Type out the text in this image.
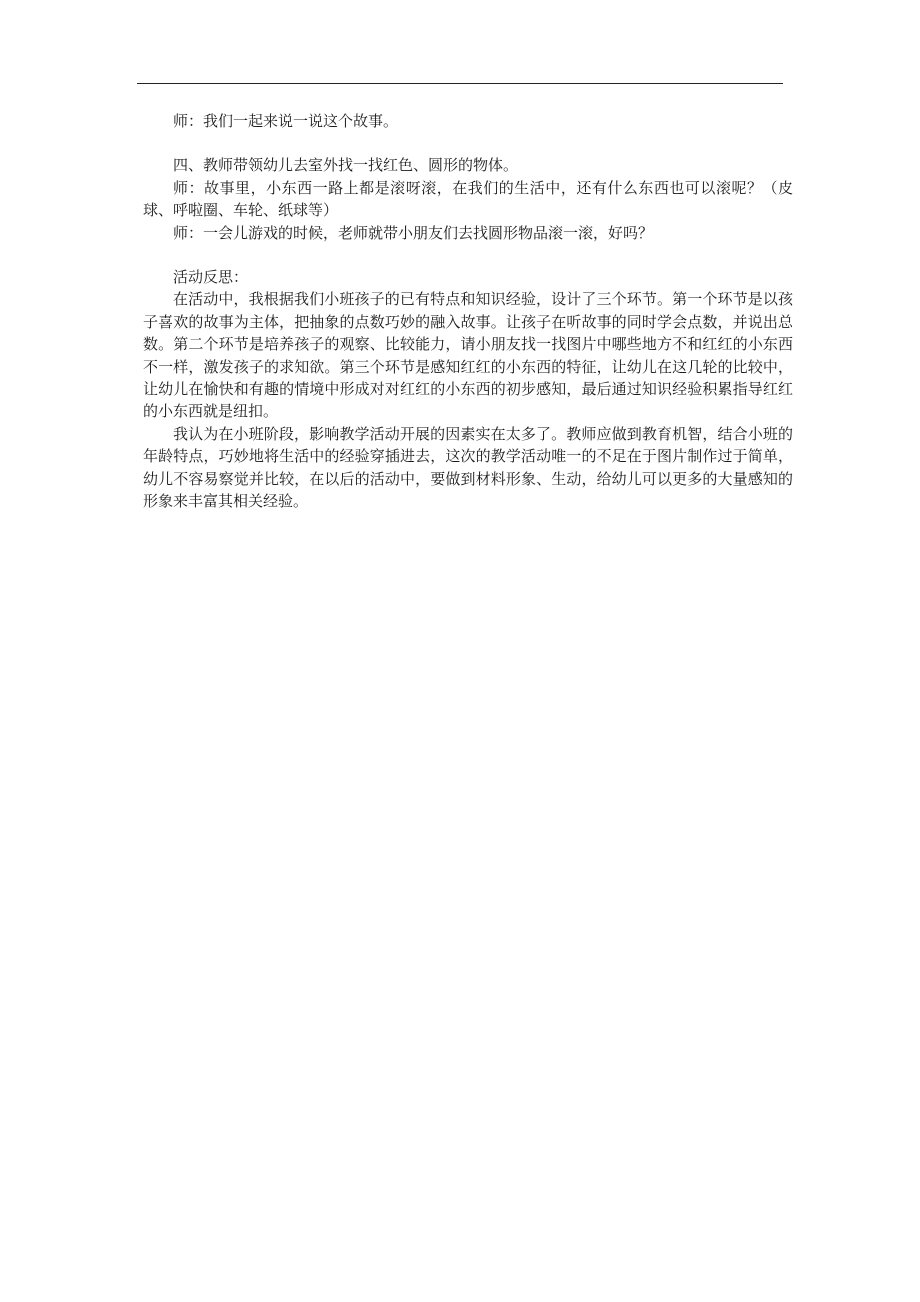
师：我们一起来说一说这个故事。

四、教师带领幼儿去室外找一找红色、圆形的物体。

师：故事里，小东西一路上都是滚呀滚，在我们的生活中，还有什么东西也可以滚呢？（皮球、呼啦圈、车轮、纸球等）

师：一会儿游戏的时候，老师就带小朋友们去找圆形物品滚一滚，好吗？

活动反思：

在活动中，我根据我们小班孩子的已有特点和知识经验，设计了三个环节。第一个环节是以孩子喜欢的故事为主体，把抽象的点数巧妙的融入故事。让孩子在听故事的同时学会点数，并说出总数。第二个环节是培养孩子的观察、比较能力，请小朋友找一找图片中哪些地方不和红红的小东西不一样，激发孩子的求知欲。第三个环节是感知红红的小东西的特征，让幼儿在这几轮的比较中，让幼儿在愉快和有趣的情境中形成对对红红的小东西的初步感知，最后通过知识经验积累指导红红的小东西就是纽扣。

我认为在小班阶段，影响教学活动开展的因素实在太多了。教师应做到教育机智，结合小班的年龄特点，巧妙地将生活中的经验穿插进去，这次的教学活动唯一的不足在于图片制作过于简单，幼儿不容易察觉并比较，在以后的活动中，要做到材料形象、生动，给幼儿可以更多的大量感知的形象来丰富其相关经验。
